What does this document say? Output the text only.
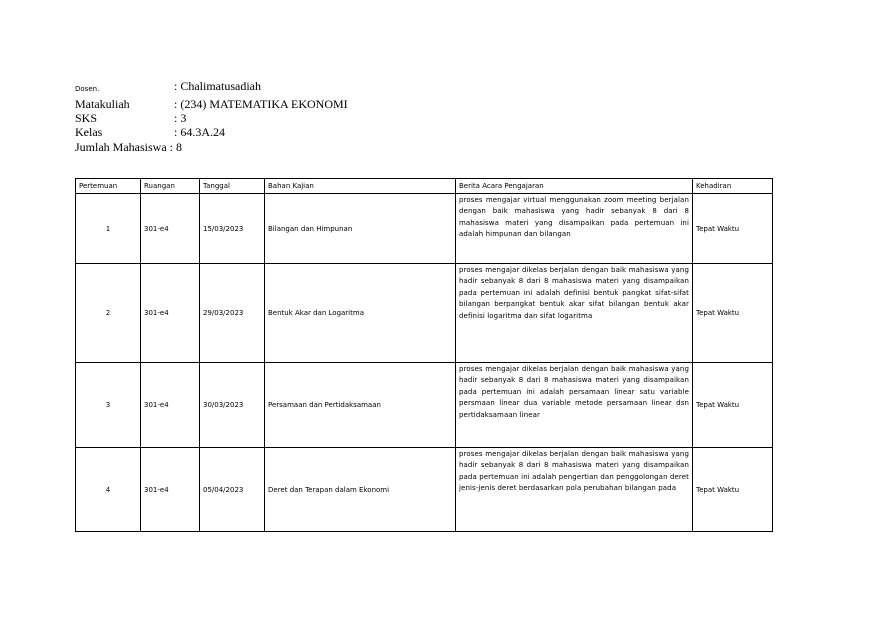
Dosen.	: Chalimatusadiah
Matakuliah	: (234) MATEMATIKA EKONOMI
SKS	: 3
Kelas	: 64.3A.24
Jumlah Mahasiswa : 8
Pertemuan	Ruangan	Tanggal	Bahan Kajian	Berita Acara Pengajaran	Kehadiran
1	301-e4	15/03/2023	Bilangan dan Himpunan	proses mengajar virtual menggunakan zoom meeting berjalan dengan baik mahasiswa yang hadir sebanyak 8 dari 8 mahasiswa materi yang disampaikan pada pertemuan ini adalah himpunan dan bilangan	Tepat Waktu
2	301-e4	29/03/2023	Bentuk Akar dan Logaritma	proses mengajar dikelas berjalan dengan baik mahasiswa yang hadir sebanyak 8 dari 8 mahasiswa materi yang disampaikan pada pertemuan ini adalah definisi bentuk pangkat sifat-sifat bilangan berpangkat bentuk akar sifat bilangan bentuk akar definisi logaritma dan sifat logaritma	Tepat Waktu
3	301-e4	30/03/2023	Persamaan dan Pertidaksamaan	proses mengajar dikelas berjalan dengan baik mahasiswa yang hadir sebanyak 8 dari 8 mahasiswa materi yang disampaikan pada pertemuan ini adalah persamaan linear satu variable persmaan linear dua variable metode persamaan linear dsn pertidaksamaan linear	Tepat Waktu
4	301-e4	05/04/2023	Deret dan Terapan dalam Ekonomi	proses mengajar dikelas berjalan dengan baik mahasiswa yang hadir sebanyak 8 dari 8 mahasiswa materi yang disampaikan pada pertemuan ini adalah pengertian dan penggolongan deret jenis-jenis deret berdasarkan pola perubahan bilangan pada	Tepat Waktu
